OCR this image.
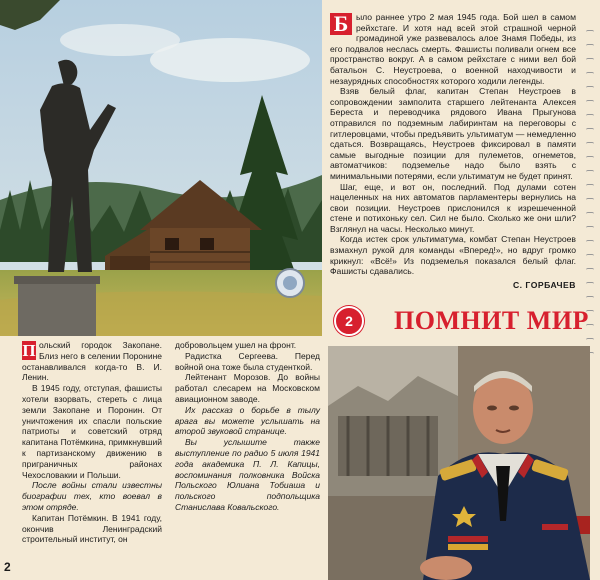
Б ыло раннее утро 2 мая 1945 года. Бой шел в самом рейхстаге. И хотя над всей этой страшной черной громадиной уже развевалось алое Знамя Победы, из его подвалов неслась смерть. Фашисты поливали огнем все пространство вокруг. А в самом рейхстаге с ними вел бой батальон С. Неустроева, о военной находчивости и незаурядных способностях которого ходили легенды.

Взяв белый флаг, капитан Степан Неустроев в сопровождении замполита старшего лейтенанта Алексея Береста и переводчика рядового Ивана Прыгунова отправился по подземным лабиринтам на переговоры с гитлеровцами, чтобы предъявить ультиматум — немедленно сдаться. Возвращаясь, Неустроев фиксировал в памяти самые выгодные позиции для пулеметов, огнеметов, автоматчиков: подземелье надо было взять с минимальными потерями, если ультиматум не будет принят.

Шаг, еще, и вот он, последний. Под дулами сотен нацеленных на них автоматов парламентеры вернулись на свои позиции. Неустроев прислонился к изрешеченной стене и потихоньку сел. Сил не было. Сколько же они шли? Взглянул на часы. Несколько минут.

Когда истек срок ультиматума, комбат Степан Неустроев взмахнул рукой для команды «Вперед!», но вдруг громко крикнул: «Всё!» Из подземелья показался белый флаг. Фашисты сдавались.

С. ГОРБАЧЕВ
2	ПОМНИТ МИР

П ольский городок Закопане. Близ него в селении Поронине останавливался когда-то В. И. Ленин.

В 1945 году, отступая, фашисты хотели взорвать, стереть с лица земли Закопане и Поронин. От уничтожения их спасли польские патриоты и советский отряд капитана Потёмкина, примкнувший к партизанскому движению в приграничных районах Чехословакии и Польши.

После войны стали известны биографии тех, кто воевал в этом отряде.

Капитан Потёмкин. В 1941 году, окончив Ленинградский строительный институт, он

добровольцем ушел на фронт.

Радистка Сергеева. Перед войной она тоже была студенткой.

Лейтенант Морозов. До войны работал слесарем на Московском авиационном заводе.

Их рассказ о борьбе в тылу врага вы можете услышать на второй звуковой странице.

Вы услышите также выступление по радио 5 июля 1941 года академика П. Л. Капицы, воспоминания полковника Войска Польского Юлиана Тобиаша и польского подпольщика Станислава Ковальского.

2
